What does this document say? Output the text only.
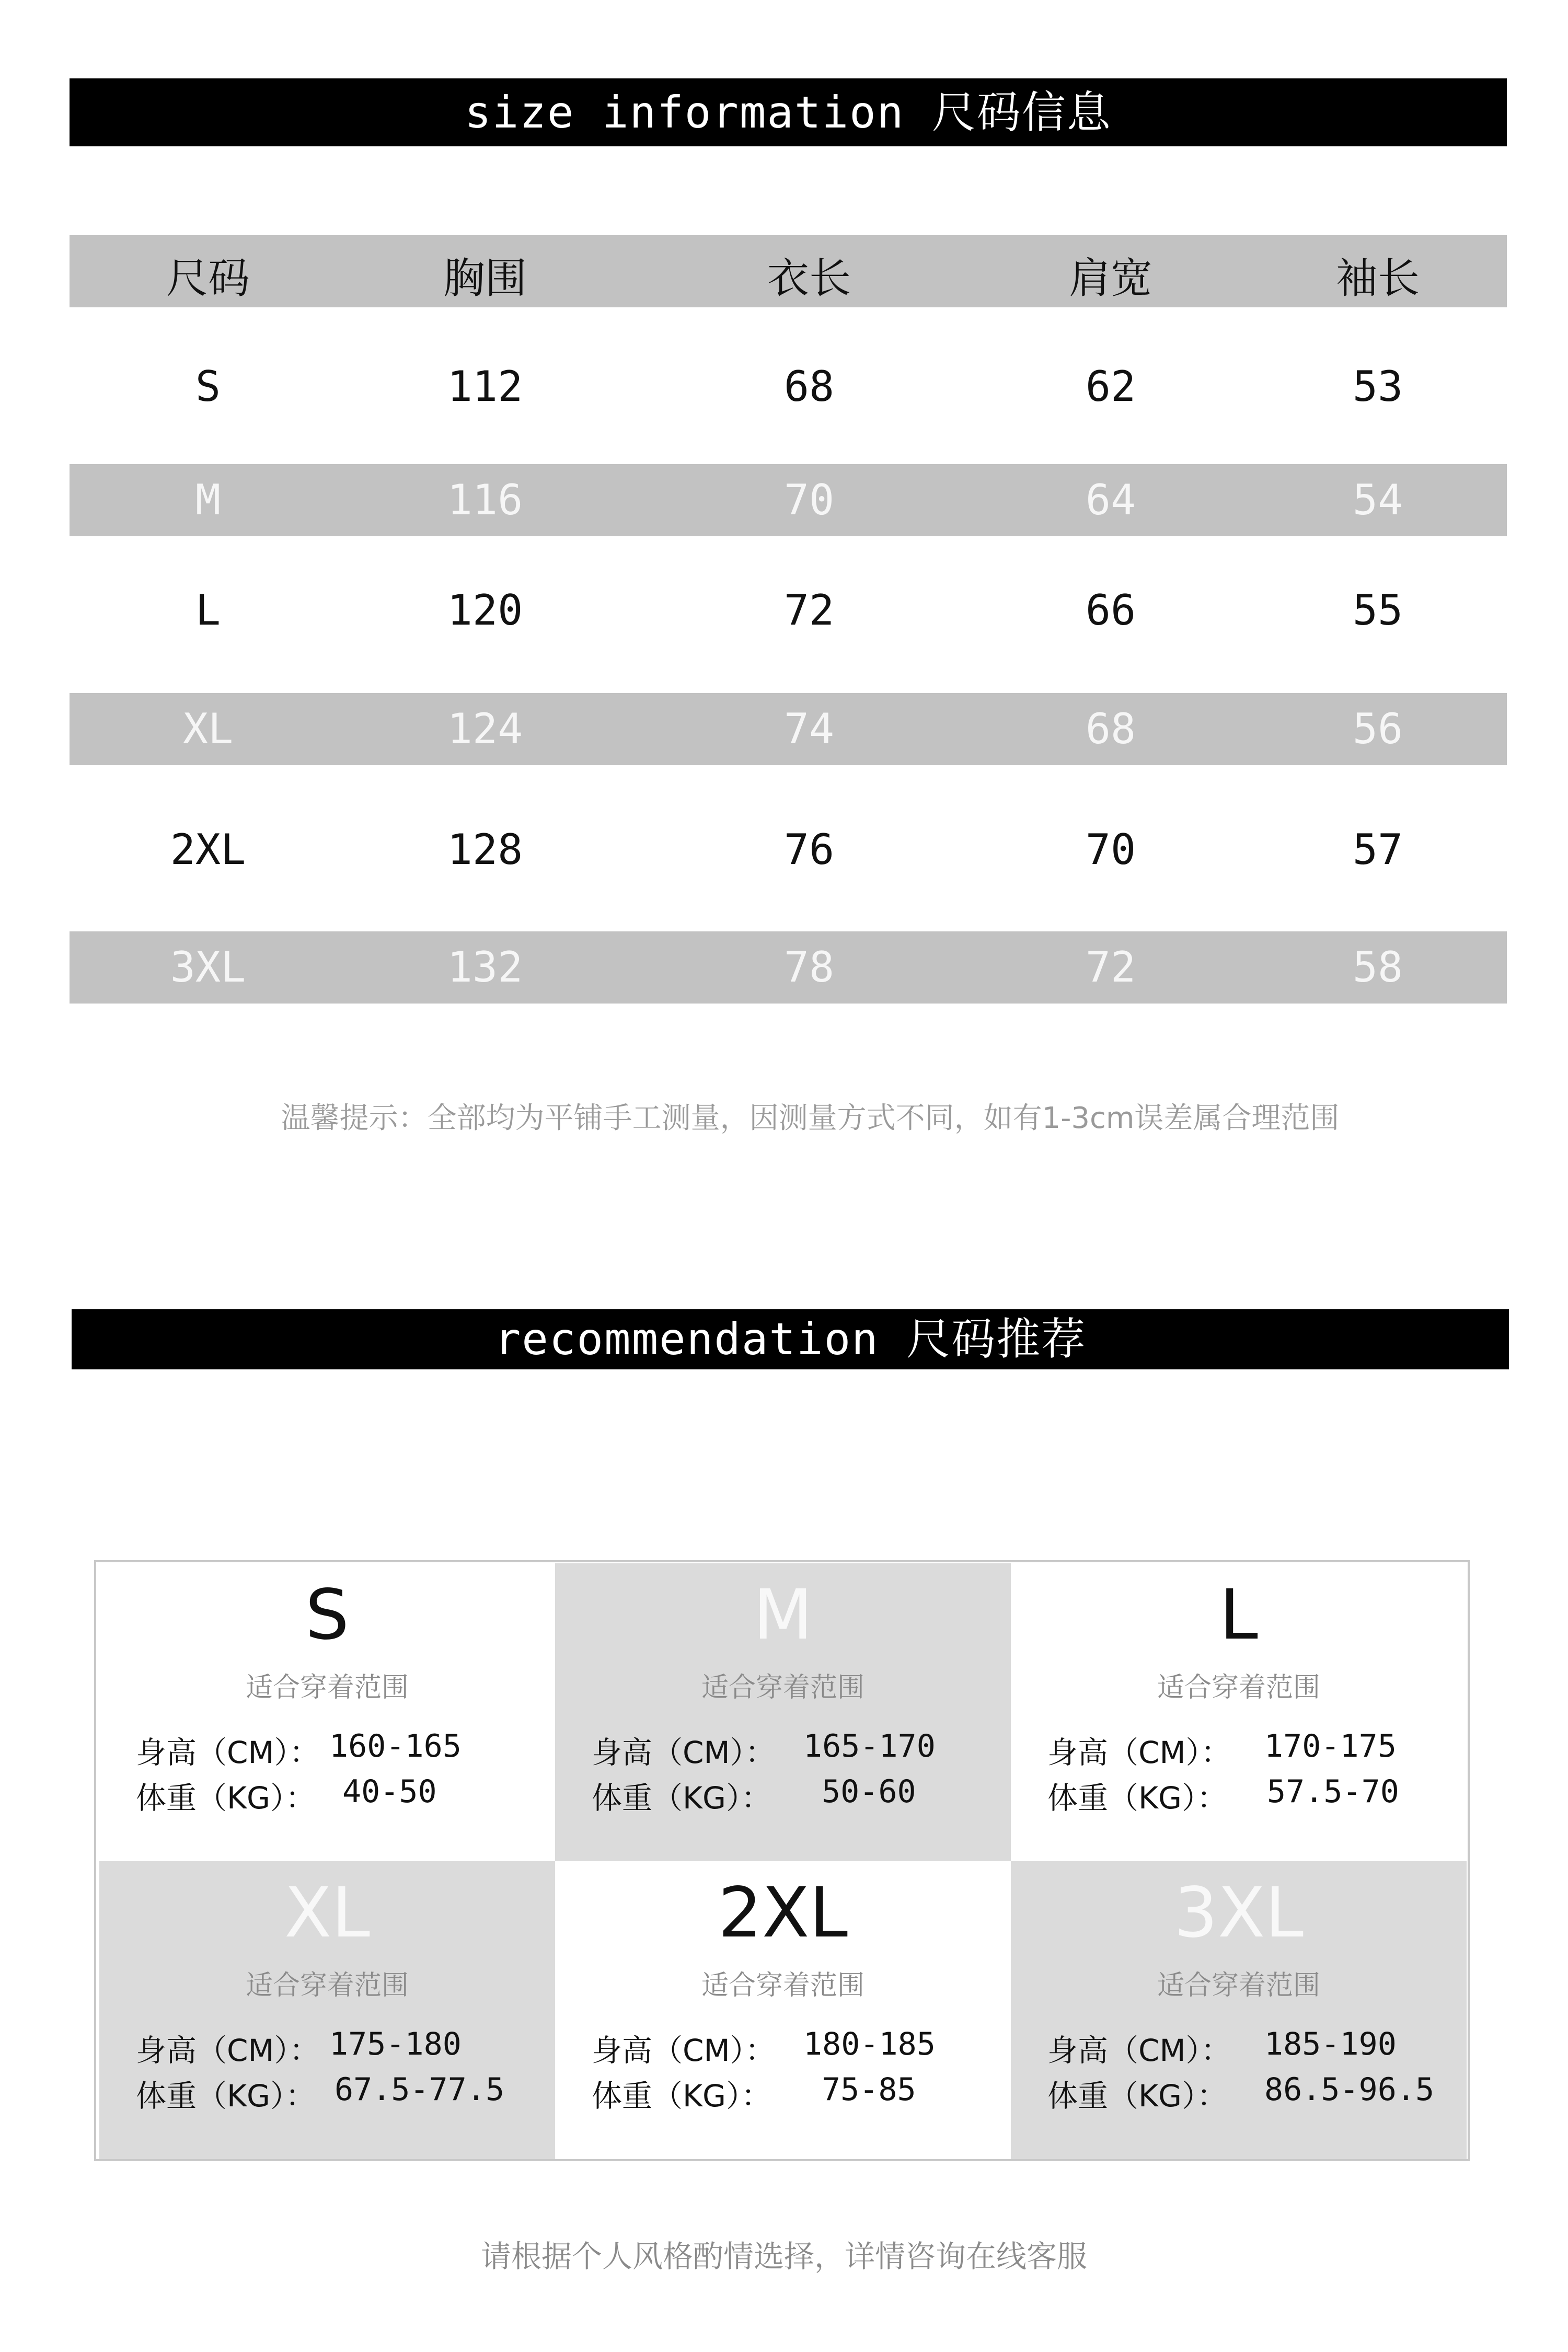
size information 尺码信息
尺码	胸围	衣长	肩宽	袖长
S	112	68	62	53
M	116	70	64	54
L	120	72	66	55
XL	124	74	68	56
2XL	128	76	70	57
3XL	132	78	72	58
温馨提示：全部均为平铺手工测量，因测量方式不同，如有1-3cm误差属合理范围
recommendation 尺码推荐
S
适合穿着范围
身高（CM）： 160-165
体重（KG）： 40-50
M
适合穿着范围
身高（CM）： 165-170
体重（KG）： 50-60
L
适合穿着范围
身高（CM）： 170-175
体重（KG）： 57.5-70
XL
适合穿着范围
身高（CM）： 175-180
体重（KG）： 67.5-77.5
2XL
适合穿着范围
身高（CM）： 180-185
体重（KG）： 75-85
3XL
适合穿着范围
身高（CM）： 185-190
体重（KG）： 86.5-96.5
请根据个人风格酌情选择，详情咨询在线客服
